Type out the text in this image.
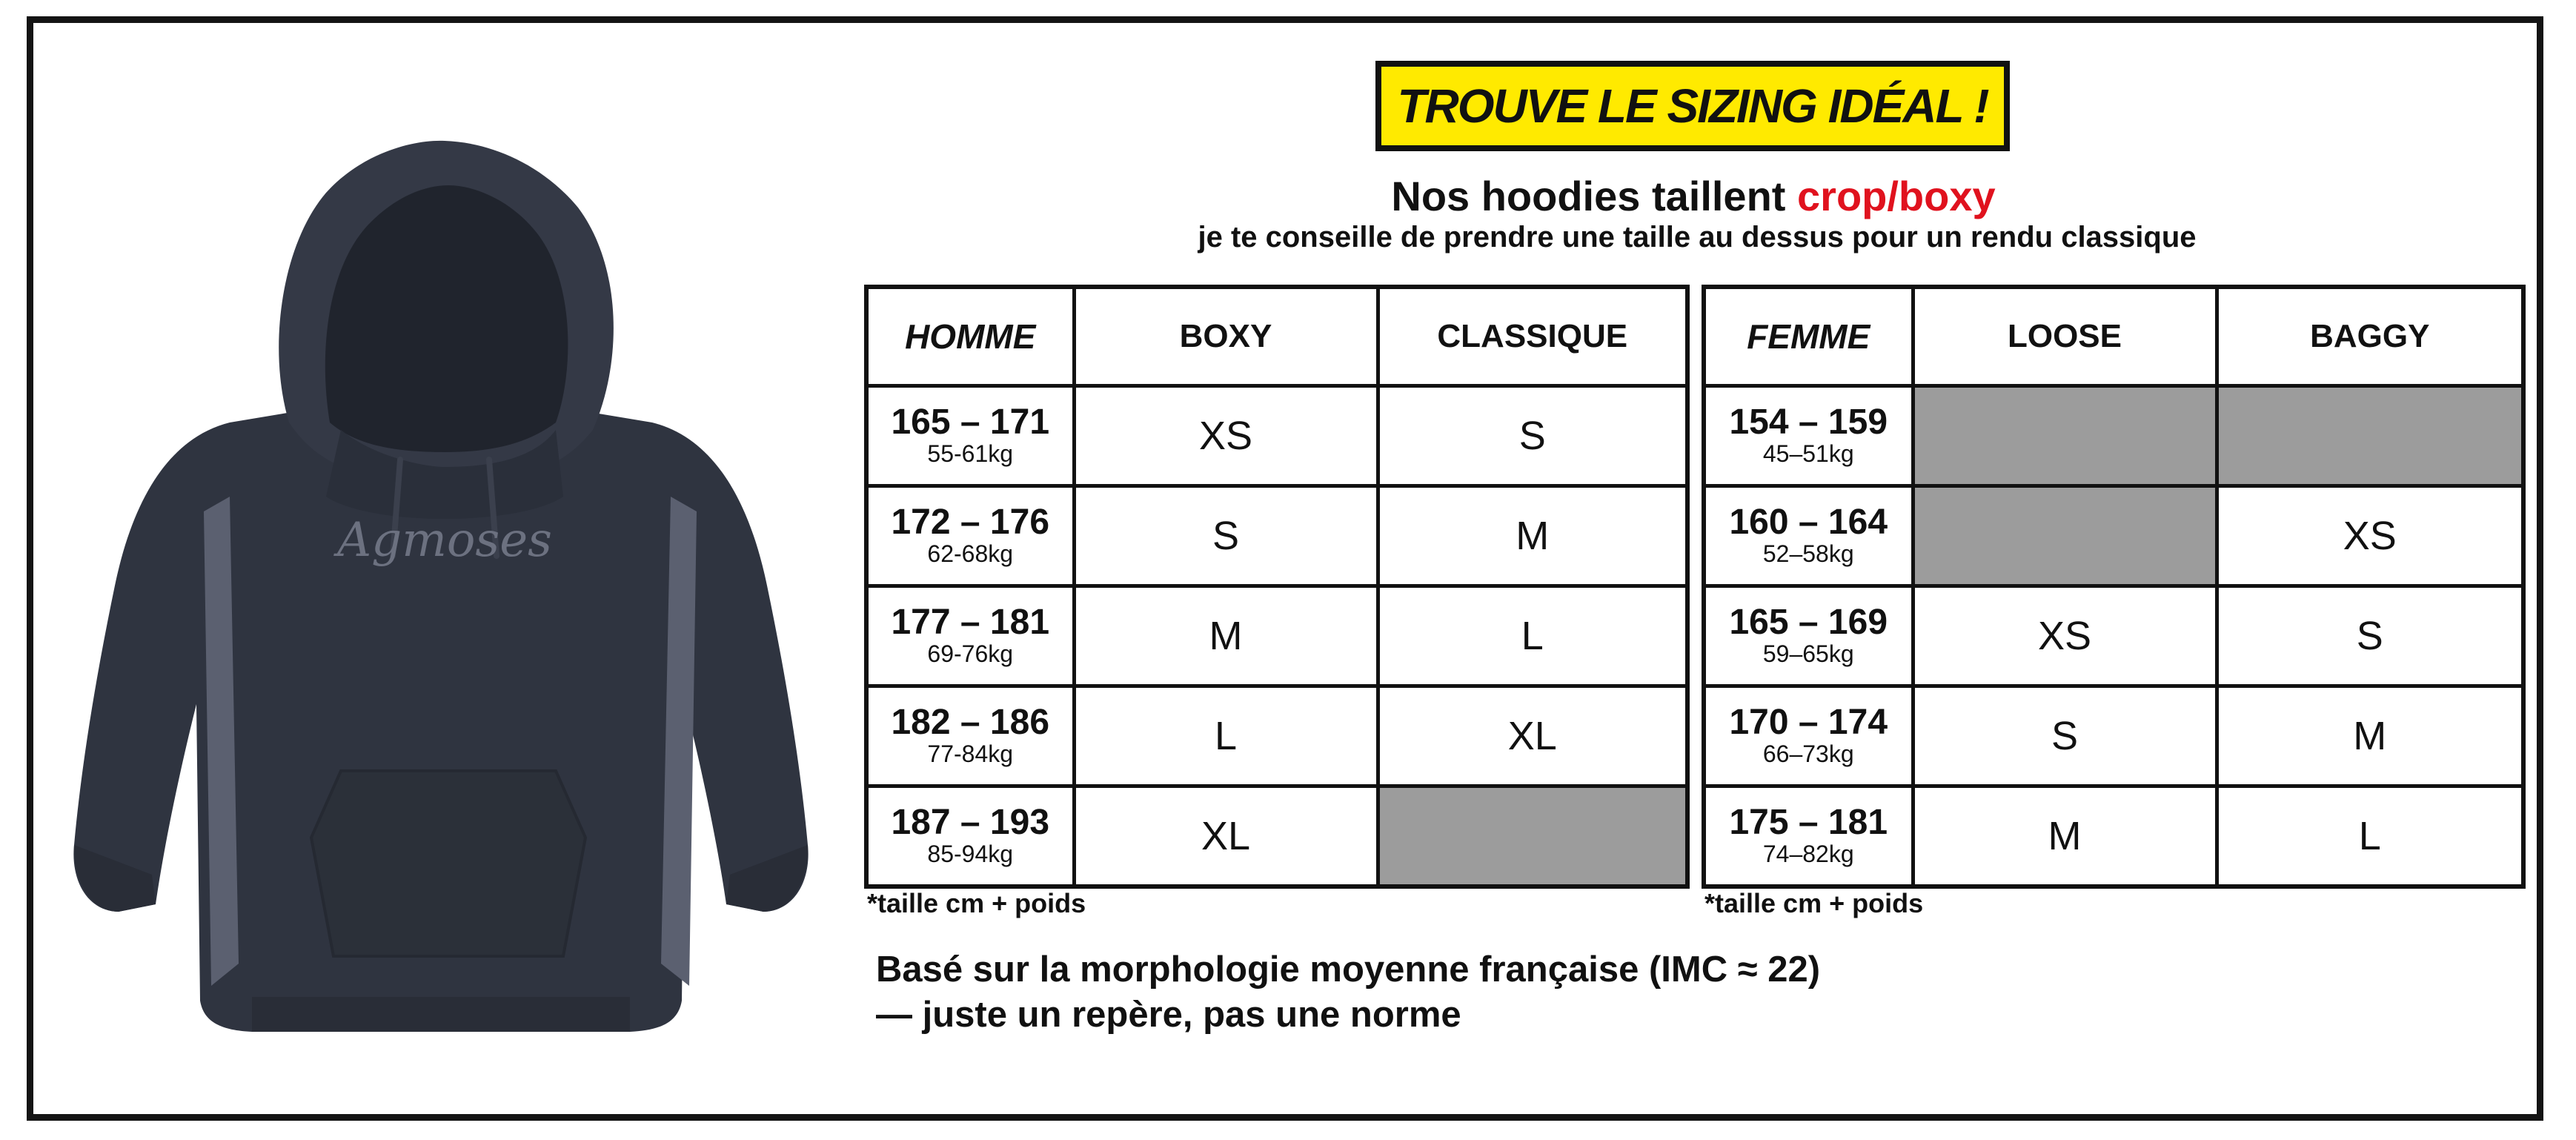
Agmoses
TROUVE LE SIZING IDÉAL !
Nos hoodies taillent crop/boxy
je te conseille de prendre une taille au dessus pour un rendu classique
HOMME	BOXY	CLASSIQUE

165 – 171
55-61kg	XS	S

172 – 176
62-68kg	S	M

177 – 181
69-76kg	M	L

182 – 186
77-84kg	L	XL

187 – 193
85-94kg	XL	
*taille cm + poids
FEMME	LOOSE	BAGGY

154 – 159
45–51kg		

160 – 164
52–58kg		XS

165 – 169
59–65kg	XS	S

170 – 174
66–73kg	S	M

175 – 181
74–82kg	M	L
*taille cm + poids
Basé sur la morphologie moyenne française (IMC ≈ 22)
— juste un repère, pas une norme
